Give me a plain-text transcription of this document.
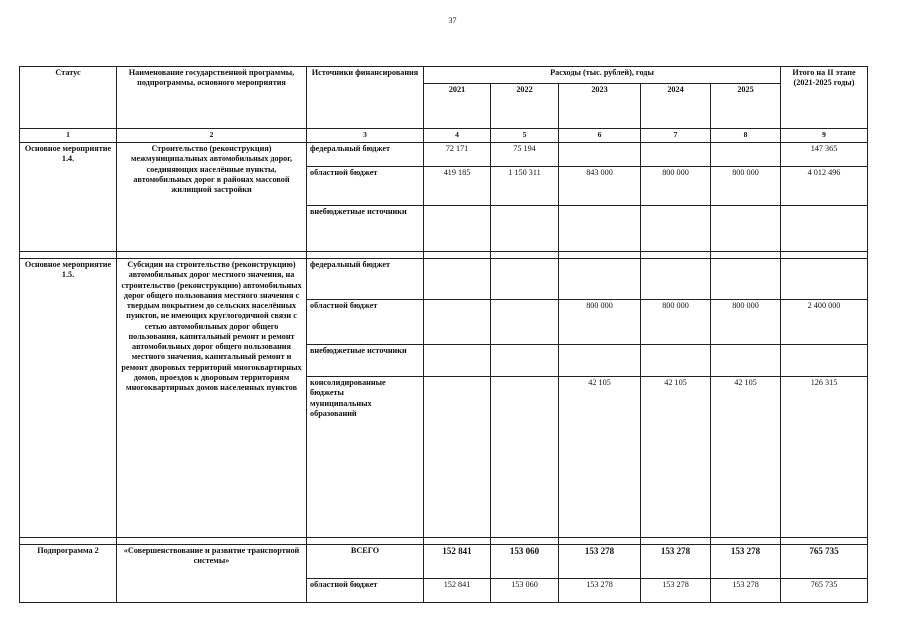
37
Статус	Наименование государственной программы, подпрограммы, основного мероприятия	Источники финансирования	Расходы (тыс. рублей), годы					Итого на II этапе (2021-2025 годы)
			2021	2022	2023	2024	2025	
1	2	3	4	5	6	7	8	9
Основное мероприятие 1.4.	Строительство (реконструкция) межмуниципальных автомобильных дорог, соединяющих населённые пункты, автомобильных дорог в районах массовой жилищной застройки	федеральный бюджет	72 171	75 194				147 365
		областной бюджет	419 185	1 150 311	843 000	800 000	800 000	4 012 496
		внебюджетные источники						

Основное мероприятие 1.5.	Субсидии на строительство (реконструкцию) автомобильных дорог местного значения, на строительство (реконструкцию) автомобильных дорог общего пользования местного значения с твердым покрытием до сельских населённых пунктов, не имеющих круглогодичной связи с сетью автомобильных дорог общего пользования, капитальный ремонт и ремонт автомобильных дорог общего пользования местного значения, капитальный ремонт и ремонт дворовых территорий многоквартирных домов, проездов к дворовым территориям многоквартирных домов населенных пунктов	федеральный бюджет						
		областной бюджет			800 000	800 000	800 000	2 400 000
		внебюджетные источники						
		консолидированные бюджеты муниципальных образований			42 105	42 105	42 105	126 315

Подпрограмма 2	«Совершенствование и развитие транспортной системы»	ВСЕГО	152 841	153 060	153 278	153 278	153 278	765 735
		областной бюджет	152 841	153 060	153 278	153 278	153 278	765 735
